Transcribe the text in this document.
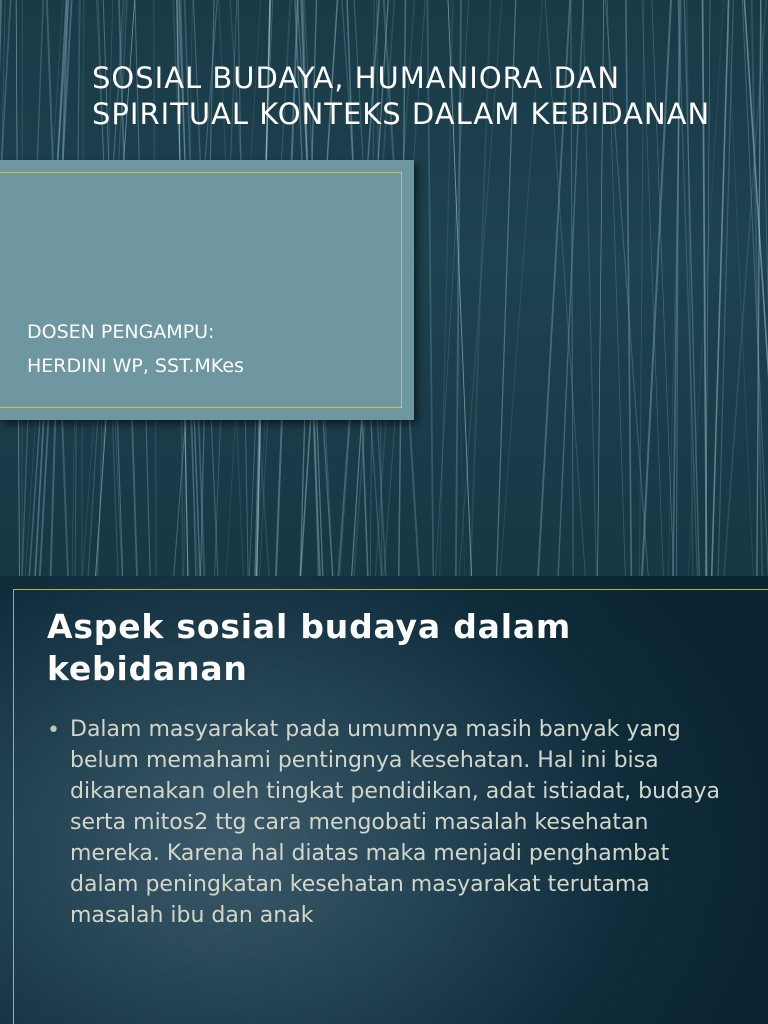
SOSIAL BUDAYA, HUMANIORA DAN SPIRITUAL KONTEKS DALAM KEBIDANAN
DOSEN PENGAMPU:
HERDINI WP, SST.MKes
Aspek sosial budaya dalam kebidanan
• Dalam masyarakat pada umumnya masih banyak yang belum memahami pentingnya kesehatan. Hal ini bisa dikarenakan oleh tingkat pendidikan, adat istiadat, budaya serta mitos2 ttg cara mengobati masalah kesehatan mereka. Karena hal diatas maka menjadi penghambat dalam peningkatan kesehatan masyarakat terutama masalah ibu dan anak
